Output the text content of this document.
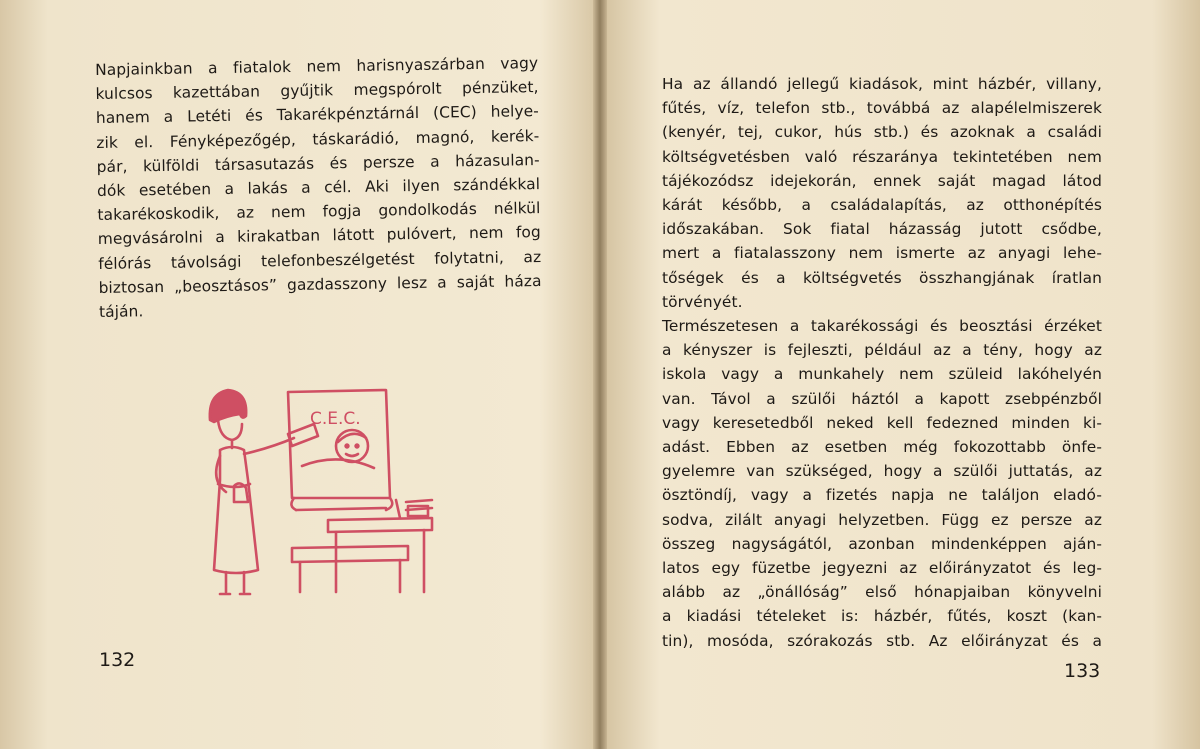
Napjainkban a fiatalok nem harisnyaszárban vagy
kulcsos kazettában gyűjtik megspórolt pénzüket,
hanem a Letéti és Takarékpénztárnál (CEC) helye-
zik el. Fényképezőgép, táskarádió, magnó, kerék-
pár, külföldi társasutazás és persze a házasulan-
dók esetében a lakás a cél. Aki ilyen szándékkal
takarékoskodik, az nem fogja gondolkodás nélkül
megvásárolni a kirakatban látott pulóvert, nem fog
félórás távolsági telefonbeszélgetést folytatni, az
biztosan „beosztásos” gazdasszony lesz a saját háza
táján.
C.E.C.
132
Ha az állandó jellegű kiadások, mint házbér, villany,
fűtés, víz, telefon stb., továbbá az alapélelmiszerek
(kenyér, tej, cukor, hús stb.) és azoknak a családi
költségvetésben való részaránya tekintetében nem
tájékozódsz idejekorán, ennek saját magad látod
kárát később, a családalapítás, az otthonépítés
időszakában. Sok fiatal házasság jutott csődbe,
mert a fiatalasszony nem ismerte az anyagi lehe-
tőségek és a költségvetés összhangjának íratlan
törvényét.
Természetesen a takarékossági és beosztási érzéket
a kényszer is fejleszti, például az a tény, hogy az
iskola vagy a munkahely nem szüleid lakóhelyén
van. Távol a szülői háztól a kapott zsebpénzből
vagy keresetedből neked kell fedezned minden ki-
adást. Ebben az esetben még fokozottabb önfe-
gyelemre van szükséged, hogy a szülői juttatás, az
ösztöndíj, vagy a fizetés napja ne találjon eladó-
sodva, zilált anyagi helyzetben. Függ ez persze az
összeg nagyságától, azonban mindenképpen aján-
latos egy füzetbe jegyezni az előirányzatot és leg-
alább az „önállóság” első hónapjaiban könyvelni
a kiadási tételeket is: házbér, fűtés, koszt (kan-
tin), mosóda, szórakozás stb. Az előirányzat és a
133
